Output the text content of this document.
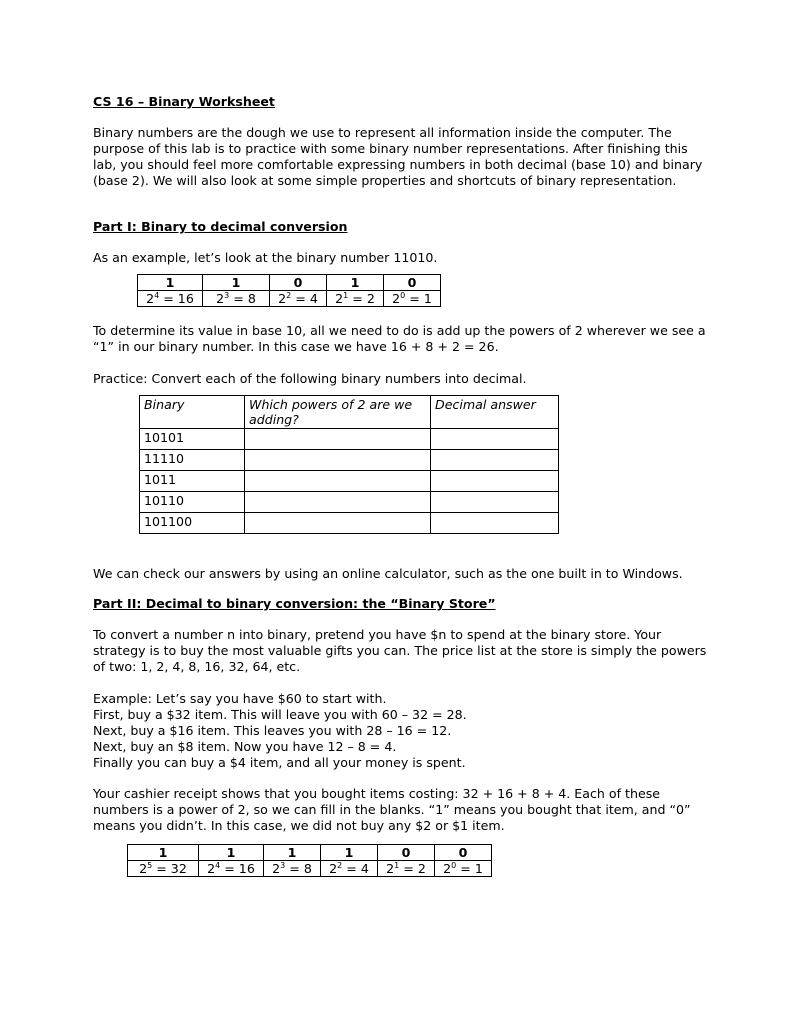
CS 16 – Binary Worksheet

Binary numbers are the dough we use to represent all information inside the computer. The purpose of this lab is to practice with some binary number representations. After finishing this lab, you should feel more comfortable expressing numbers in both decimal (base 10) and binary (base 2). We will also look at some simple properties and shortcuts of binary representation.

Part I: Binary to decimal conversion

As an example, let’s look at the binary number 11010.

1	1	0	1	0
$2^4 = 16$	$2^3 = 8$	$2^2 = 4$	$2^1 = 2$	$2^0 = 1$

To determine its value in base 10, all we need to do is add up the powers of 2 wherever we see a “1” in our binary number. In this case we have 16 + 8 + 2 = 26.

Practice: Convert each of the following binary numbers into decimal.

Binary	Which powers of 2 are we adding?	Decimal answer
10101		
11110		
1011		
10110		
101100		

We can check our answers by using an online calculator, such as the one built in to Windows.

Part II: Decimal to binary conversion: the “Binary Store”

To convert a number n into binary, pretend you have $n to spend at the binary store. Your strategy is to buy the most valuable gifts you can. The price list at the store is simply the powers of two: 1, 2, 4, 8, 16, 32, 64, etc.

Example: Let’s say you have $60 to start with.

First, buy a $32 item. This will leave you with 60 – 32 = 28.

Next, buy a $16 item. This leaves you with 28 – 16 = 12.

Next, buy an $8 item. Now you have 12 – 8 = 4.

Finally you can buy a $4 item, and all your money is spent.

Your cashier receipt shows that you bought items costing: 32 + 16 + 8 + 4. Each of these numbers is a power of 2, so we can fill in the blanks. “1” means you bought that item, and “0” means you didn’t. In this case, we did not buy any $2 or $1 item.

1	1	1	1	0	0
$2^5 = 32$	$2^4 = 16$	$2^3 = 8$	$2^2 = 4$	$2^1 = 2$	$2^0 = 1$
